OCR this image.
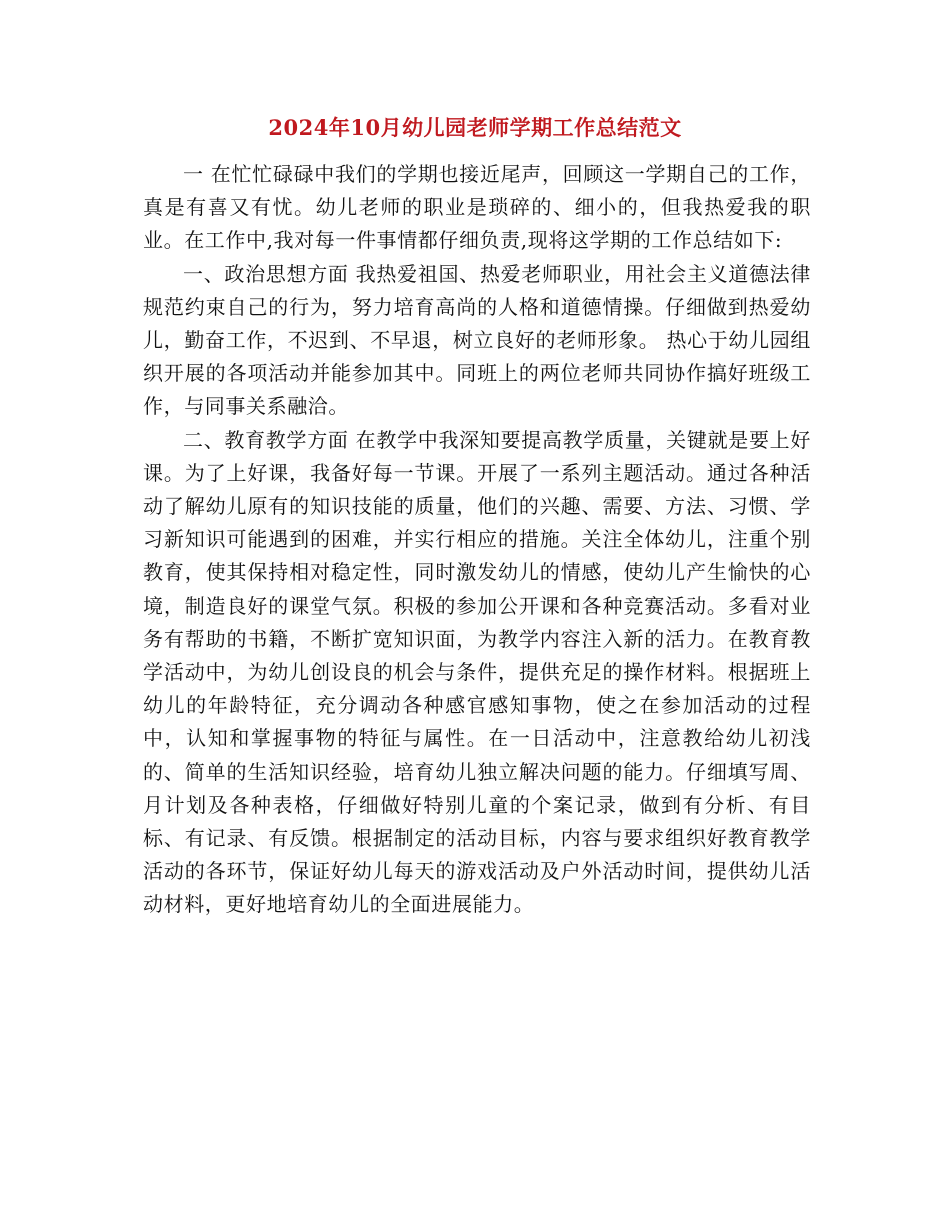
2024年10月幼儿园老师学期工作总结范文

一 在忙忙碌碌中我们的学期也接近尾声，回顾这一学期自己的工作，真是有喜又有忧。幼儿老师的职业是琐碎的、细小的，但我热爱我的职业。在工作中,我对每一件事情都仔细负责,现将这学期的工作总结如下:

一、政治思想方面 我热爱祖国、热爱老师职业，用社会主义道德法律规范约束自己的行为，努力培育高尚的人格和道德情操。仔细做到热爱幼儿，勤奋工作，不迟到、不早退，树立良好的老师形象。 热心于幼儿园组织开展的各项活动并能参加其中。同班上的两位老师共同协作搞好班级工作，与同事关系融洽。

二、教育教学方面 在教学中我深知要提高教学质量，关键就是要上好课。为了上好课，我备好每一节课。开展了一系列主题活动。通过各种活动了解幼儿原有的知识技能的质量，他们的兴趣、需要、方法、习惯、学习新知识可能遇到的困难，并实行相应的措施。关注全体幼儿，注重个别教育，使其保持相对稳定性，同时激发幼儿的情感，使幼儿产生愉快的心境，制造良好的课堂气氛。积极的参加公开课和各种竞赛活动。多看对业务有帮助的书籍，不断扩宽知识面，为教学内容注入新的活力。在教育教学活动中，为幼儿创设良的机会与条件，提供充足的操作材料。根据班上幼儿的年龄特征，充分调动各种感官感知事物，使之在参加活动的过程中，认知和掌握事物的特征与属性。在一日活动中，注意教给幼儿初浅的、简单的生活知识经验，培育幼儿独立解决问题的能力。仔细填写周、月计划及各种表格，仔细做好特别儿童的个案记录，做到有分析、有目标、有记录、有反馈。根据制定的活动目标，内容与要求组织好教育教学活动的各环节，保证好幼儿每天的游戏活动及户外活动时间，提供幼儿活动材料，更好地培育幼儿的全面进展能力。
